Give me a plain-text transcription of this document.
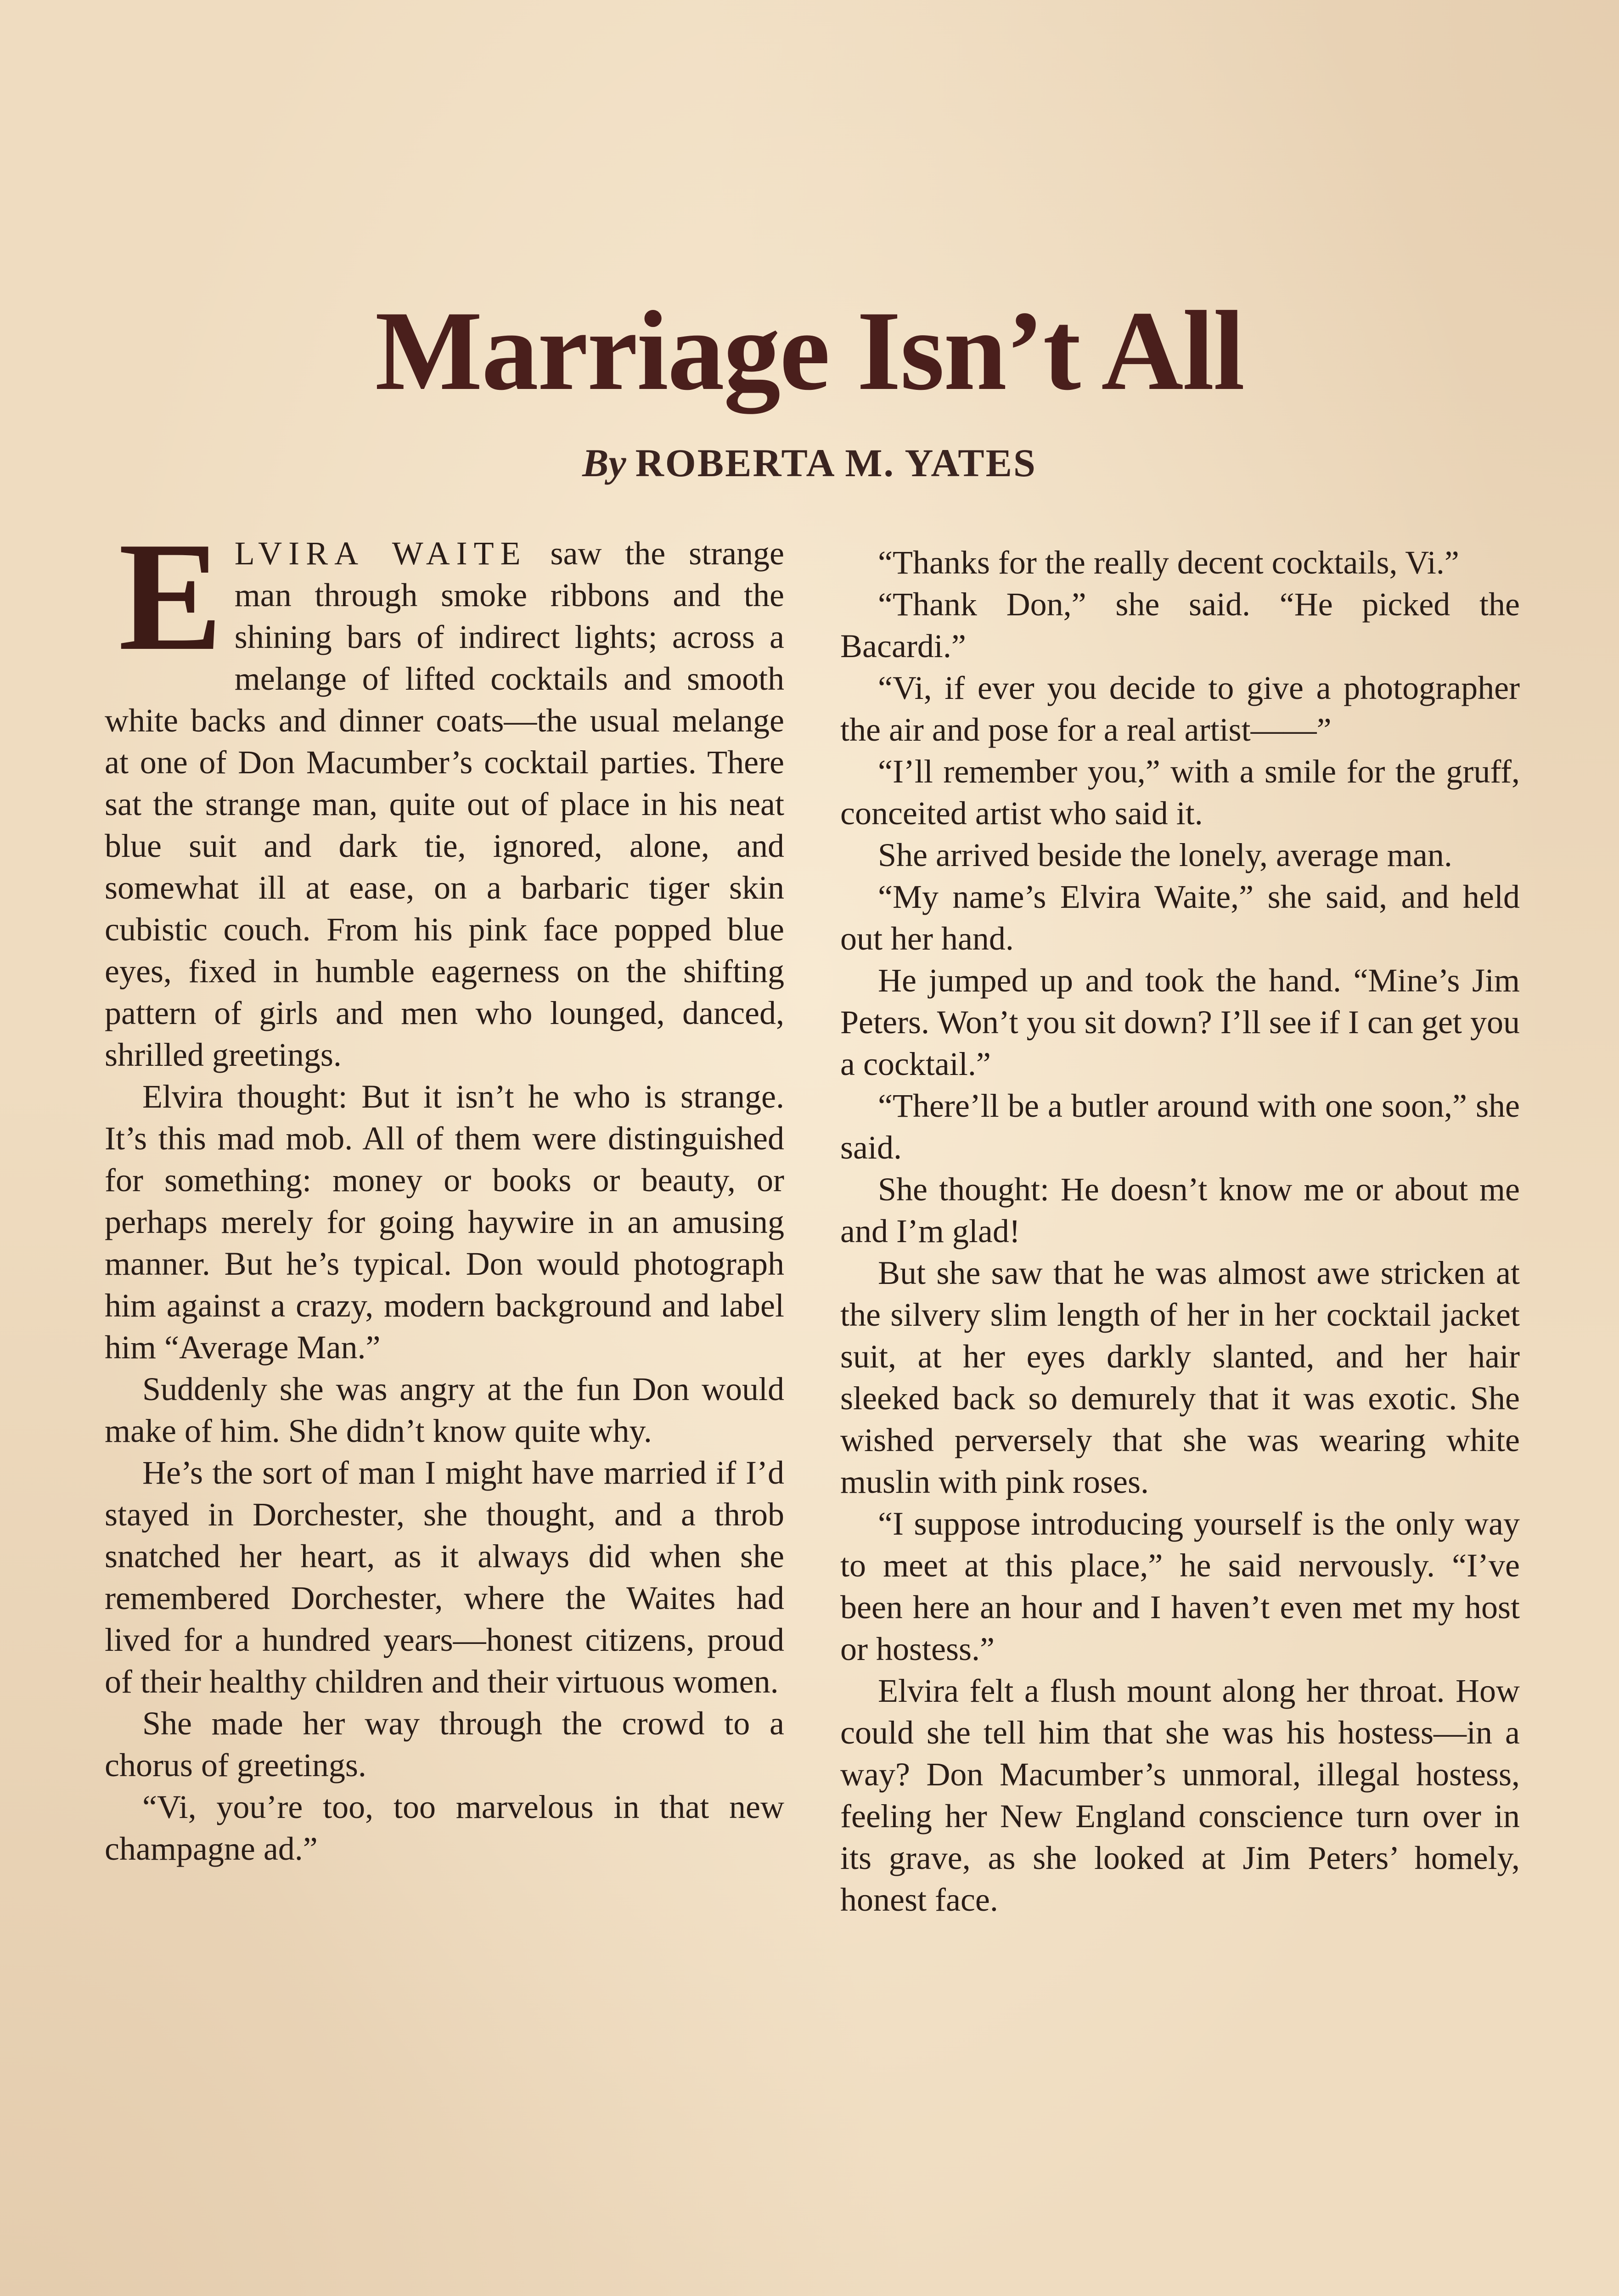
Marriage Isn’t All
By ROBERTA M. YATES

ELVIRA WAITE saw the strange man through smoke ribbons and the shining bars of indirect lights; across a melange of lifted cocktails and smooth white backs and dinner coats—the usual melange at one of Don Macumber’s cocktail parties. There sat the strange man, quite out of place in his neat blue suit and dark tie, ignored, alone, and somewhat ill at ease, on a barbaric tiger skin cubistic couch. From his pink face popped blue eyes, fixed in humble eagerness on the shifting pattern of girls and men who lounged, danced, shrilled greetings.

Elvira thought: But it isn’t he who is strange. It’s this mad mob. All of them were distinguished for something: money or books or beauty, or perhaps merely for going haywire in an amusing manner. But he’s typical. Don would photograph him against a crazy, modern background and label him “Average Man.”

Suddenly she was angry at the fun Don would make of him. She didn’t know quite why.

He’s the sort of man I might have married if I’d stayed in Dorchester, she thought, and a throb snatched her heart, as it always did when she remembered Dorchester, where the Waites had lived for a hundred years—honest citizens, proud of their healthy children and their virtuous women.

She made her way through the crowd to a chorus of greetings.

“Vi, you’re too, too marvelous in that new champagne ad.”

“Thanks for the really decent cocktails, Vi.”

“Thank Don,” she said. “He picked the Bacardi.”

“Vi, if ever you decide to give a photographer the air and pose for a real artist——”

“I’ll remember you,” with a smile for the gruff, conceited artist who said it.

She arrived beside the lonely, average man.

“My name’s Elvira Waite,” she said, and held out her hand.

He jumped up and took the hand. “Mine’s Jim Peters. Won’t you sit down? I’ll see if I can get you a cocktail.”

“There’ll be a butler around with one soon,” she said.

She thought: He doesn’t know me or about me and I’m glad!

But she saw that he was almost awe stricken at the silvery slim length of her in her cocktail jacket suit, at her eyes darkly slanted, and her hair sleeked back so demurely that it was exotic. She wished perversely that she was wearing white muslin with pink roses.

“I suppose introducing yourself is the only way to meet at this place,” he said nervously. “I’ve been here an hour and I haven’t even met my host or hostess.”

Elvira felt a flush mount along her throat. How could she tell him that she was his hostess—in a way? Don Macumber’s unmoral, illegal hostess, feeling her New England conscience turn over in its grave, as she looked at Jim Peters’ homely, honest face.
